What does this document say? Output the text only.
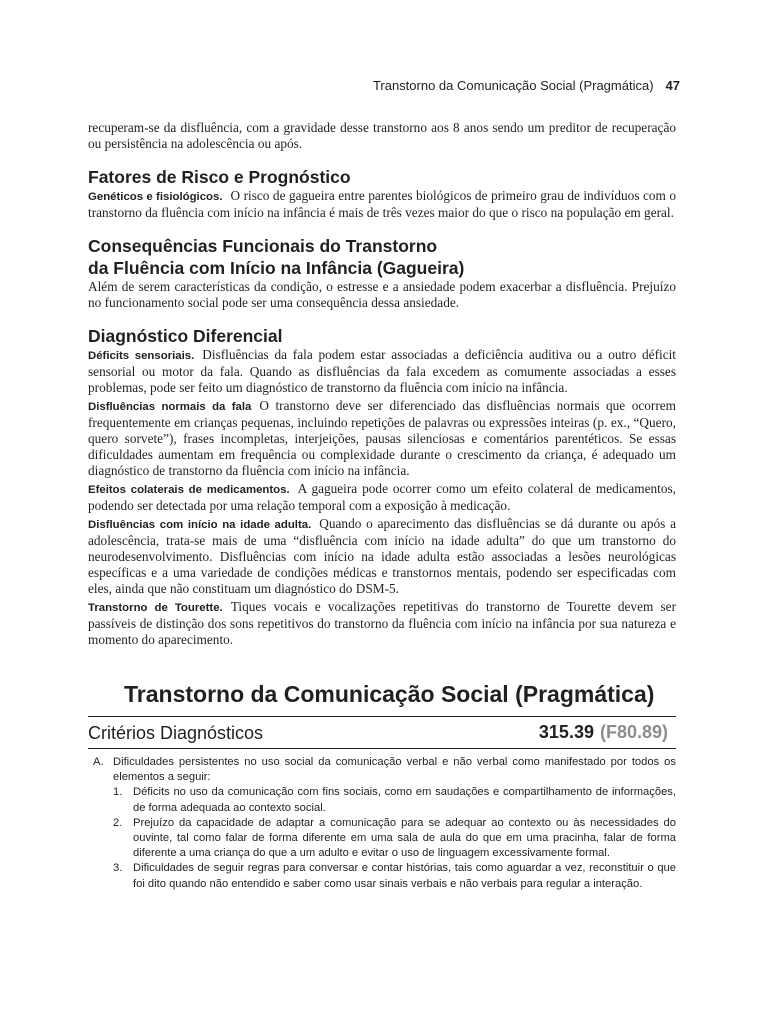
Transtorno da Comunicação Social (Pragmática) 47

recuperam-se da disfluência, com a gravidade desse transtorno aos 8 anos sendo um preditor de recuperação ou persistência na adolescência ou após.

Fatores de Risco e Prognóstico

Genéticos e fisiológicos. O risco de gagueira entre parentes biológicos de primeiro grau de indivíduos com o transtorno da fluência com início na infância é mais de três vezes maior do que o risco na população em geral.

Consequências Funcionais do Transtorno
da Fluência com Início na Infância (Gagueira)

Além de serem características da condição, o estresse e a ansiedade podem exacerbar a disfluência. Prejuízo no funcionamento social pode ser uma consequência dessa ansiedade.

Diagnóstico Diferencial

Déficits sensoriais. Disfluências da fala podem estar associadas a deficiência auditiva ou a outro déficit sensorial ou motor da fala. Quando as disfluências da fala excedem as comumente associadas a esses problemas, pode ser feito um diagnóstico de transtorno da fluência com início na infância.

Disfluências normais da fala O transtorno deve ser diferenciado das disfluências normais que ocorrem frequentemente em crianças pequenas, incluindo repetições de palavras ou expressões inteiras (p. ex., “Quero, quero sorvete”), frases incompletas, interjeições, pausas silenciosas e comentários parentéticos. Se essas dificuldades aumentam em frequência ou complexidade durante o crescimento da criança, é adequado um diagnóstico de transtorno da fluência com início na infância.

Efeitos colaterais de medicamentos. A gagueira pode ocorrer como um efeito colateral de medicamentos, podendo ser detectada por uma relação temporal com a exposição à medicação.

Disfluências com início na idade adulta. Quando o aparecimento das disfluências se dá durante ou após a adolescência, trata-se mais de uma “disfluência com início na idade adulta” do que um transtorno do neurodesenvolvimento. Disfluências com início na idade adulta estão associadas a lesões neurológicas específicas e a uma variedade de condições médicas e transtornos mentais, podendo ser especificadas com eles, ainda que não constituam um diagnóstico do DSM-5.

Transtorno de Tourette. Tiques vocais e vocalizações repetitivas do transtorno de Tourette devem ser passíveis de distinção dos sons repetitivos do transtorno da fluência com início na infância por sua natureza e momento do aparecimento.

Transtorno da Comunicação Social (Pragmática)
Critérios Diagnósticos	315.39 (F80.89)
A. Dificuldades persistentes no uso social da comunicação verbal e não verbal como manifestado por todos os elementos a seguir:
1. Déficits no uso da comunicação com fins sociais, como em saudações e compartilhamento de informações, de forma adequada ao contexto social.
2. Prejuízo da capacidade de adaptar a comunicação para se adequar ao contexto ou às necessidades do ouvinte, tal como falar de forma diferente em uma sala de aula do que em uma pracinha, falar de forma diferente a uma criança do que a um adulto e evitar o uso de linguagem excessivamente formal.
3. Dificuldades de seguir regras para conversar e contar histórias, tais como aguardar a vez, reconstituir o que foi dito quando não entendido e saber como usar sinais verbais e não verbais para regular a interação.
